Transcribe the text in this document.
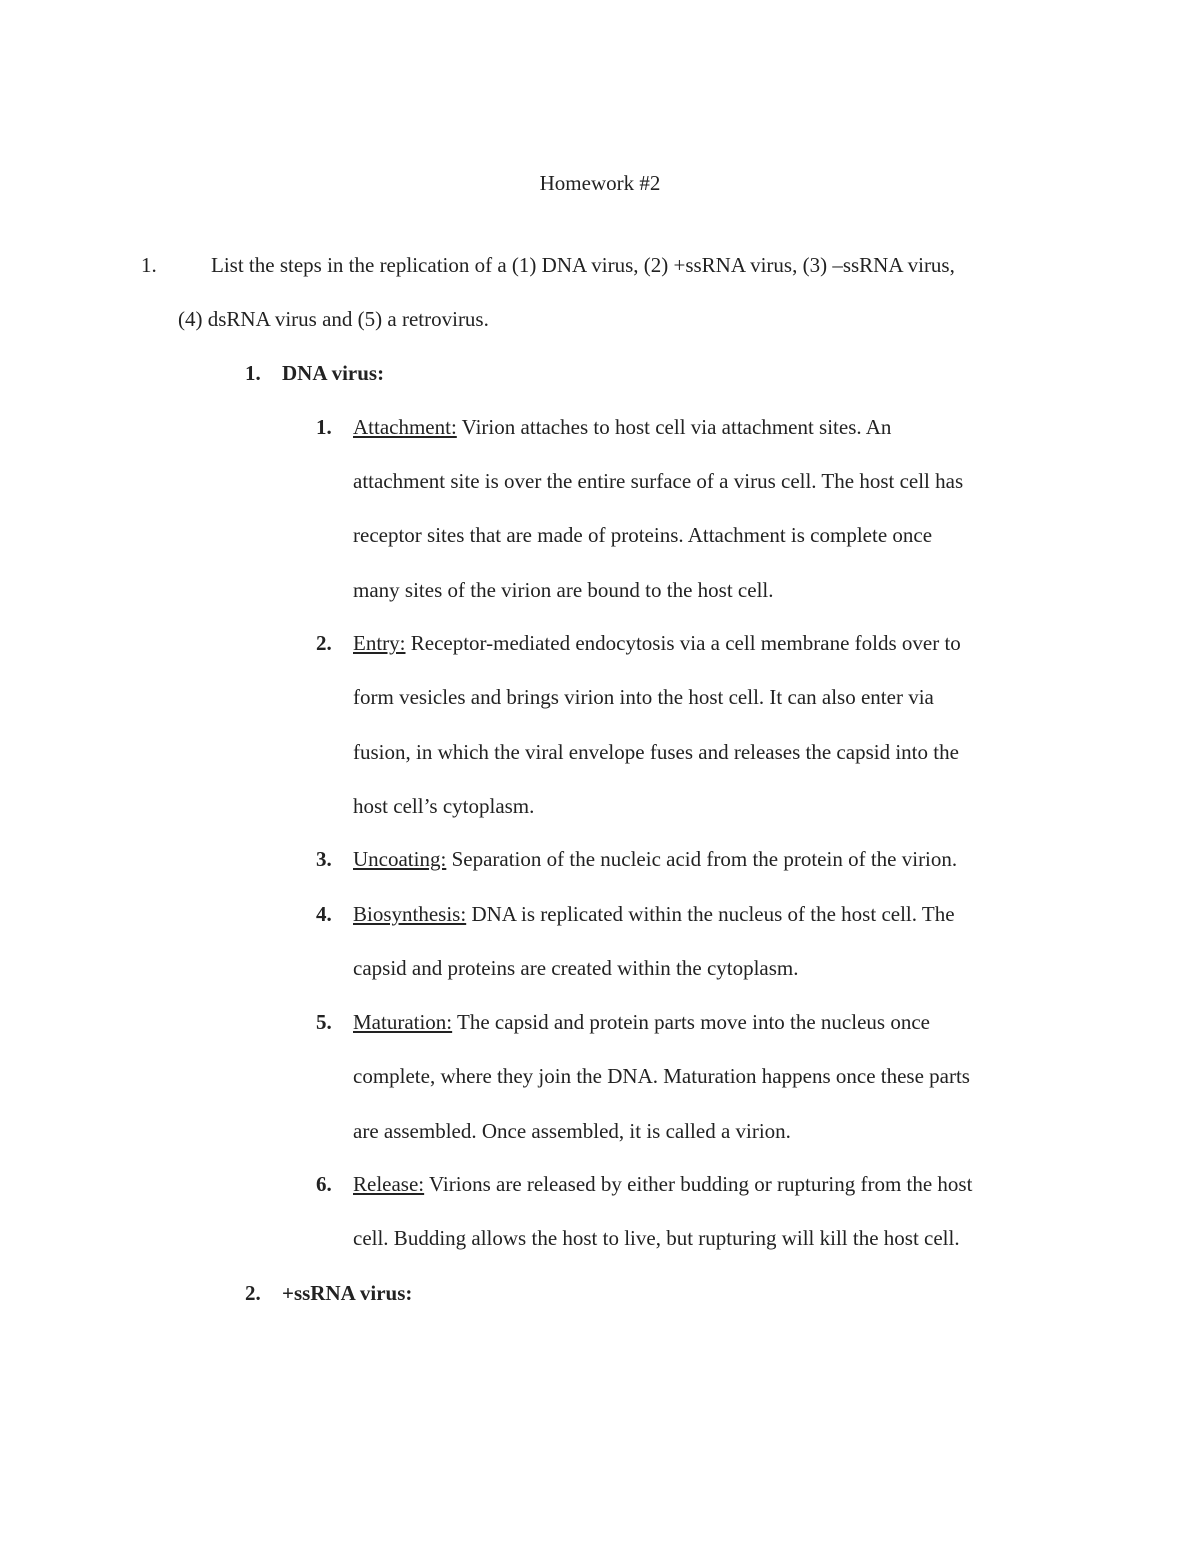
Homework #2
1.	List the steps in the replication of a (1) DNA virus, (2) +ssRNA virus, (3) –ssRNA virus,
(4) dsRNA virus and (5) a retrovirus.
1. DNA virus:
1. Attachment: Virion attaches to host cell via attachment sites. An
attachment site is over the entire surface of a virus cell. The host cell has
receptor sites that are made of proteins. Attachment is complete once
many sites of the virion are bound to the host cell.
2. Entry: Receptor-mediated endocytosis via a cell membrane folds over to
form vesicles and brings virion into the host cell. It can also enter via
fusion, in which the viral envelope fuses and releases the capsid into the
host cell’s cytoplasm.
3. Uncoating: Separation of the nucleic acid from the protein of the virion.
4. Biosynthesis: DNA is replicated within the nucleus of the host cell. The
capsid and proteins are created within the cytoplasm.
5. Maturation: The capsid and protein parts move into the nucleus once
complete, where they join the DNA. Maturation happens once these parts
are assembled. Once assembled, it is called a virion.
6. Release: Virions are released by either budding or rupturing from the host
cell. Budding allows the host to live, but rupturing will kill the host cell.
2. +ssRNA virus:
